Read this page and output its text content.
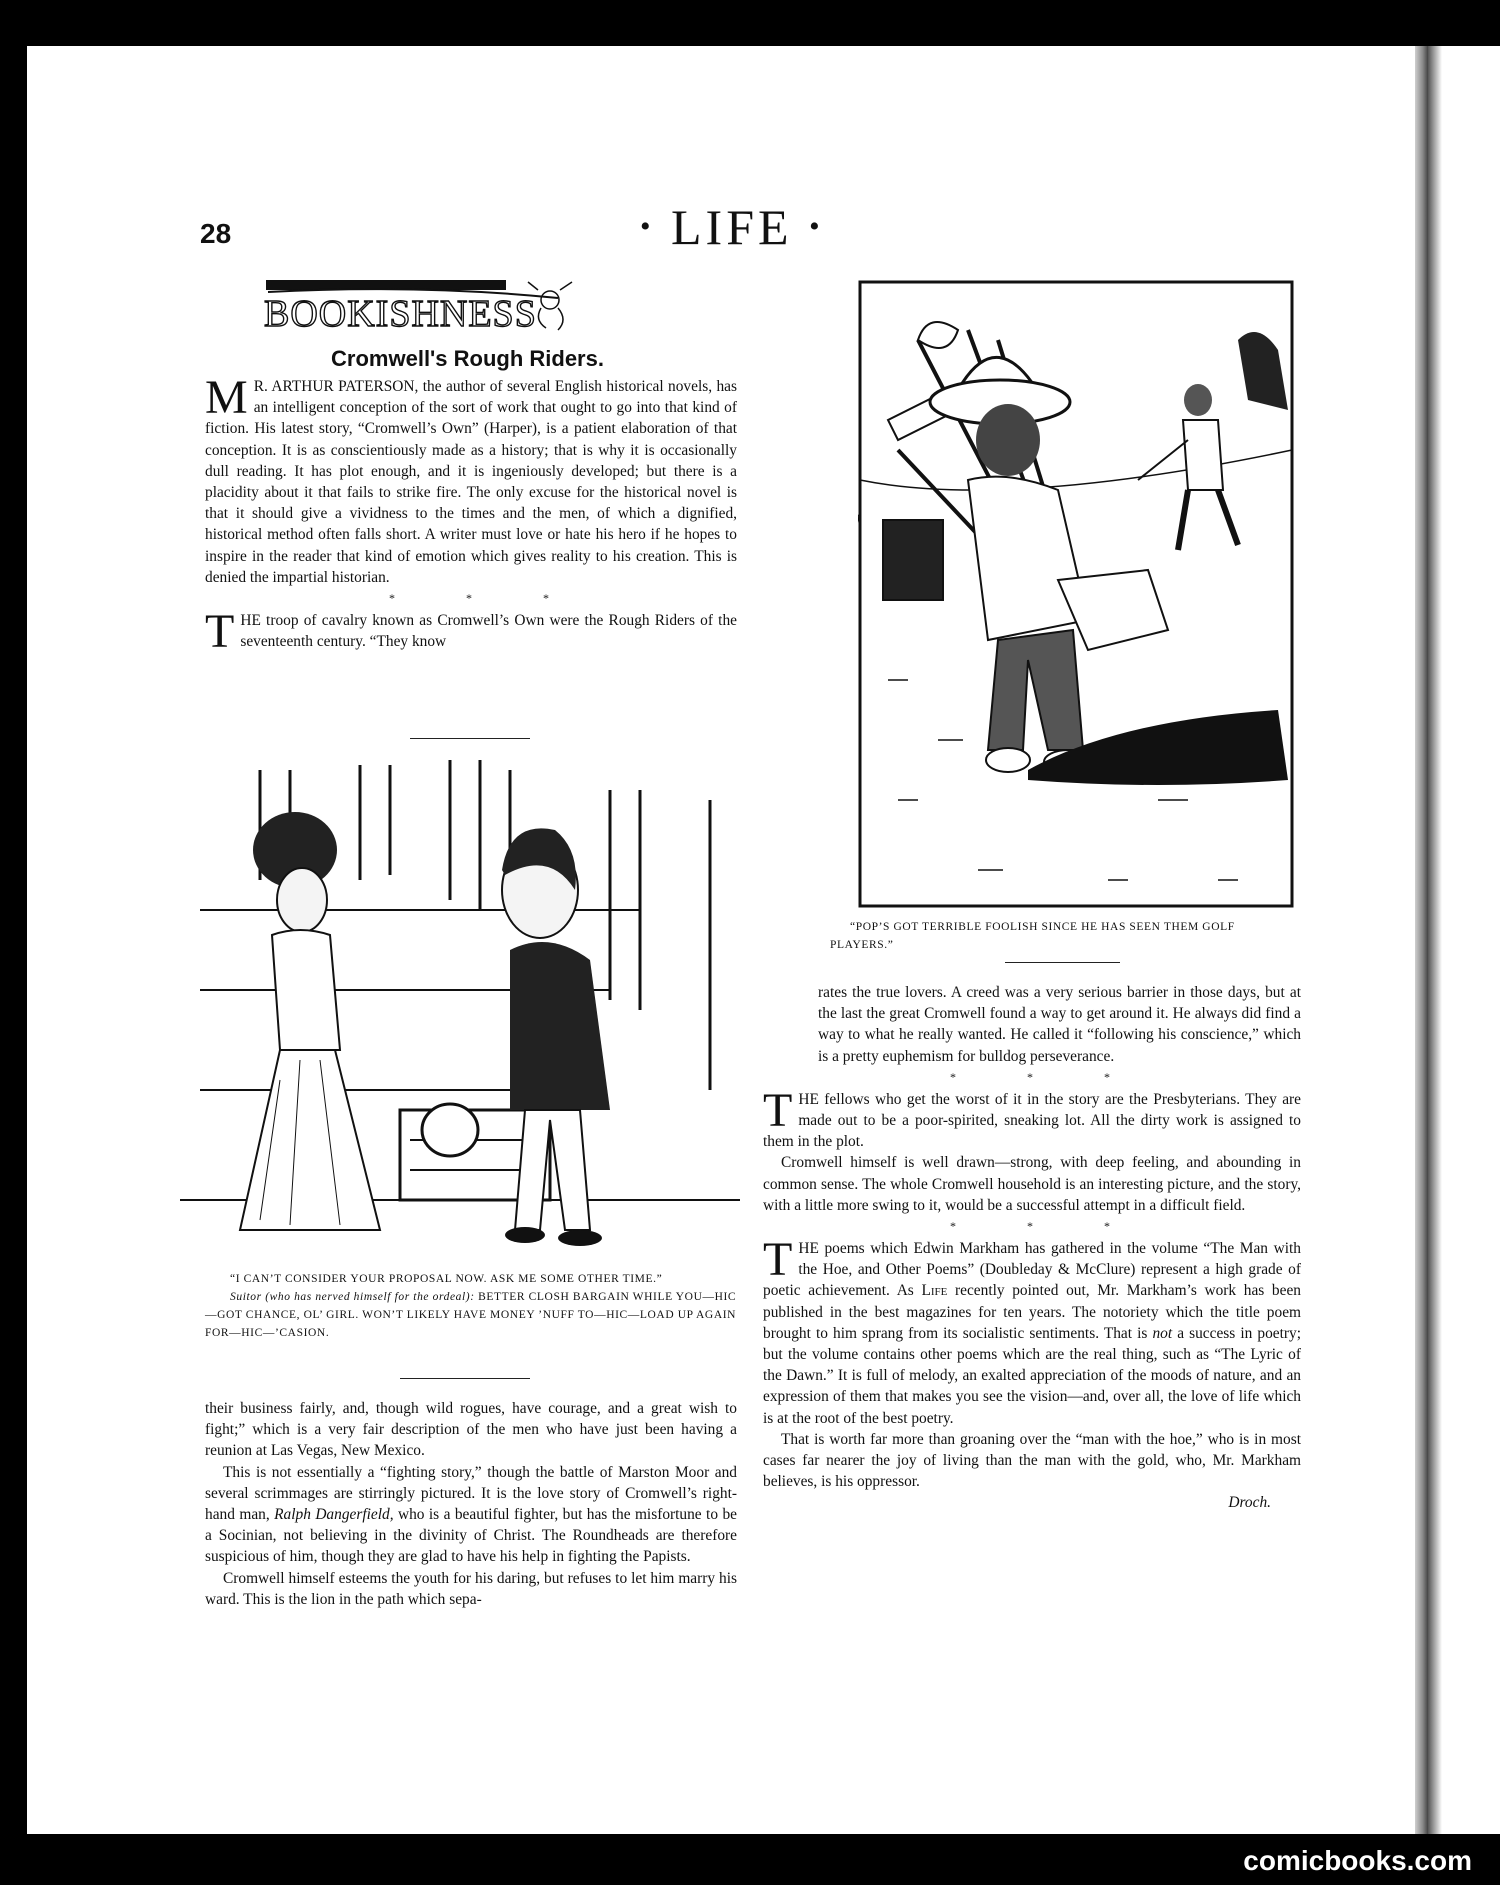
28	• LIFE •
BOOKISHNESS
Cromwell's Rough Riders.

M R. ARTHUR PATERSON, the author of several English historical novels, has an intelligent conception of the sort of work that ought to go into that kind of fiction. His latest story, “Cromwell’s Own” (Harper), is a patient elaboration of that conception. It is as conscientiously made as a history; that is why it is occasionally dull reading. It has plot enough, and it is ingeniously developed; but there is a placidity about it that fails to strike fire. The only excuse for the historical novel is that it should give a vividness to the times and the men, of which a dignified, historical method often falls short. A writer must love or hate his hero if he hopes to inspire in the reader that kind of emotion which gives reality to his creation. This is denied the impartial historian.

* * *

THE troop of cavalry known as Cromwell’s Own were the Rough Riders of the seventeenth century. “They know

“I CAN’T CONSIDER YOUR PROPOSAL NOW. ASK ME SOME OTHER TIME.”
Suitor (who has nerved himself for the ordeal): BETTER CLOSH BARGAIN WHILE YOU—HIC—GOT CHANCE, OL’ GIRL. WON’T LIKELY HAVE MONEY ’NUFF TO—HIC—LOAD UP AGAIN FOR—HIC—’CASION.

their business fairly, and, though wild rogues, have courage, and a great wish to fight;” which is a very fair description of the men who have just been having a reunion at Las Vegas, New Mexico.

This is not essentially a “fighting story,” though the battle of Marston Moor and several scrimmages are stirringly pictured. It is the love story of Cromwell’s right-hand man, Ralph Dangerfield, who is a beautiful fighter, but has the misfortune to be a Socinian, not believing in the divinity of Christ. The Roundheads are therefore suspicious of him, though they are glad to have his help in fighting the Papists.

Cromwell himself esteems the youth for his daring, but refuses to let him marry his ward. This is the lion in the path which sepa-

“POP’S GOT TERRIBLE FOOLISH SINCE HE HAS SEEN THEM GOLF PLAYERS.”

rates the true lovers. A creed was a very serious barrier in those days, but at the last the great Cromwell found a way to get around it. He always did find a way to what he really wanted. He called it “following his conscience,” which is a pretty euphemism for bulldog perseverance.

* * *

THE fellows who get the worst of it in the story are the Presbyterians. They are made out to be a poor-spirited, sneaking lot. All the dirty work is assigned to them in the plot.

Cromwell himself is well drawn—strong, with deep feeling, and abounding in common sense. The whole Cromwell household is an interesting picture, and the story, with a little more swing to it, would be a successful attempt in a difficult field.

* * *

THE poems which Edwin Markham has gathered in the volume “The Man with the Hoe, and Other Poems” (Doubleday & McClure) represent a high grade of poetic achievement. As Life recently pointed out, Mr. Markham’s work has been published in the best magazines for ten years. The notoriety which the title poem brought to him sprang from its socialistic sentiments. That is not a success in poetry; but the volume contains other poems which are the real thing, such as “The Lyric of the Dawn.” It is full of melody, an exalted appreciation of the moods of nature, and an expression of them that makes you see the vision—and, over all, the love of life which is at the root of the best poetry.

That is worth far more than groaning over the “man with the hoe,” who is in most cases far nearer the joy of living than the man with the gold, who, Mr. Markham believes, is his oppressor.

Droch.

comicbooks.com
